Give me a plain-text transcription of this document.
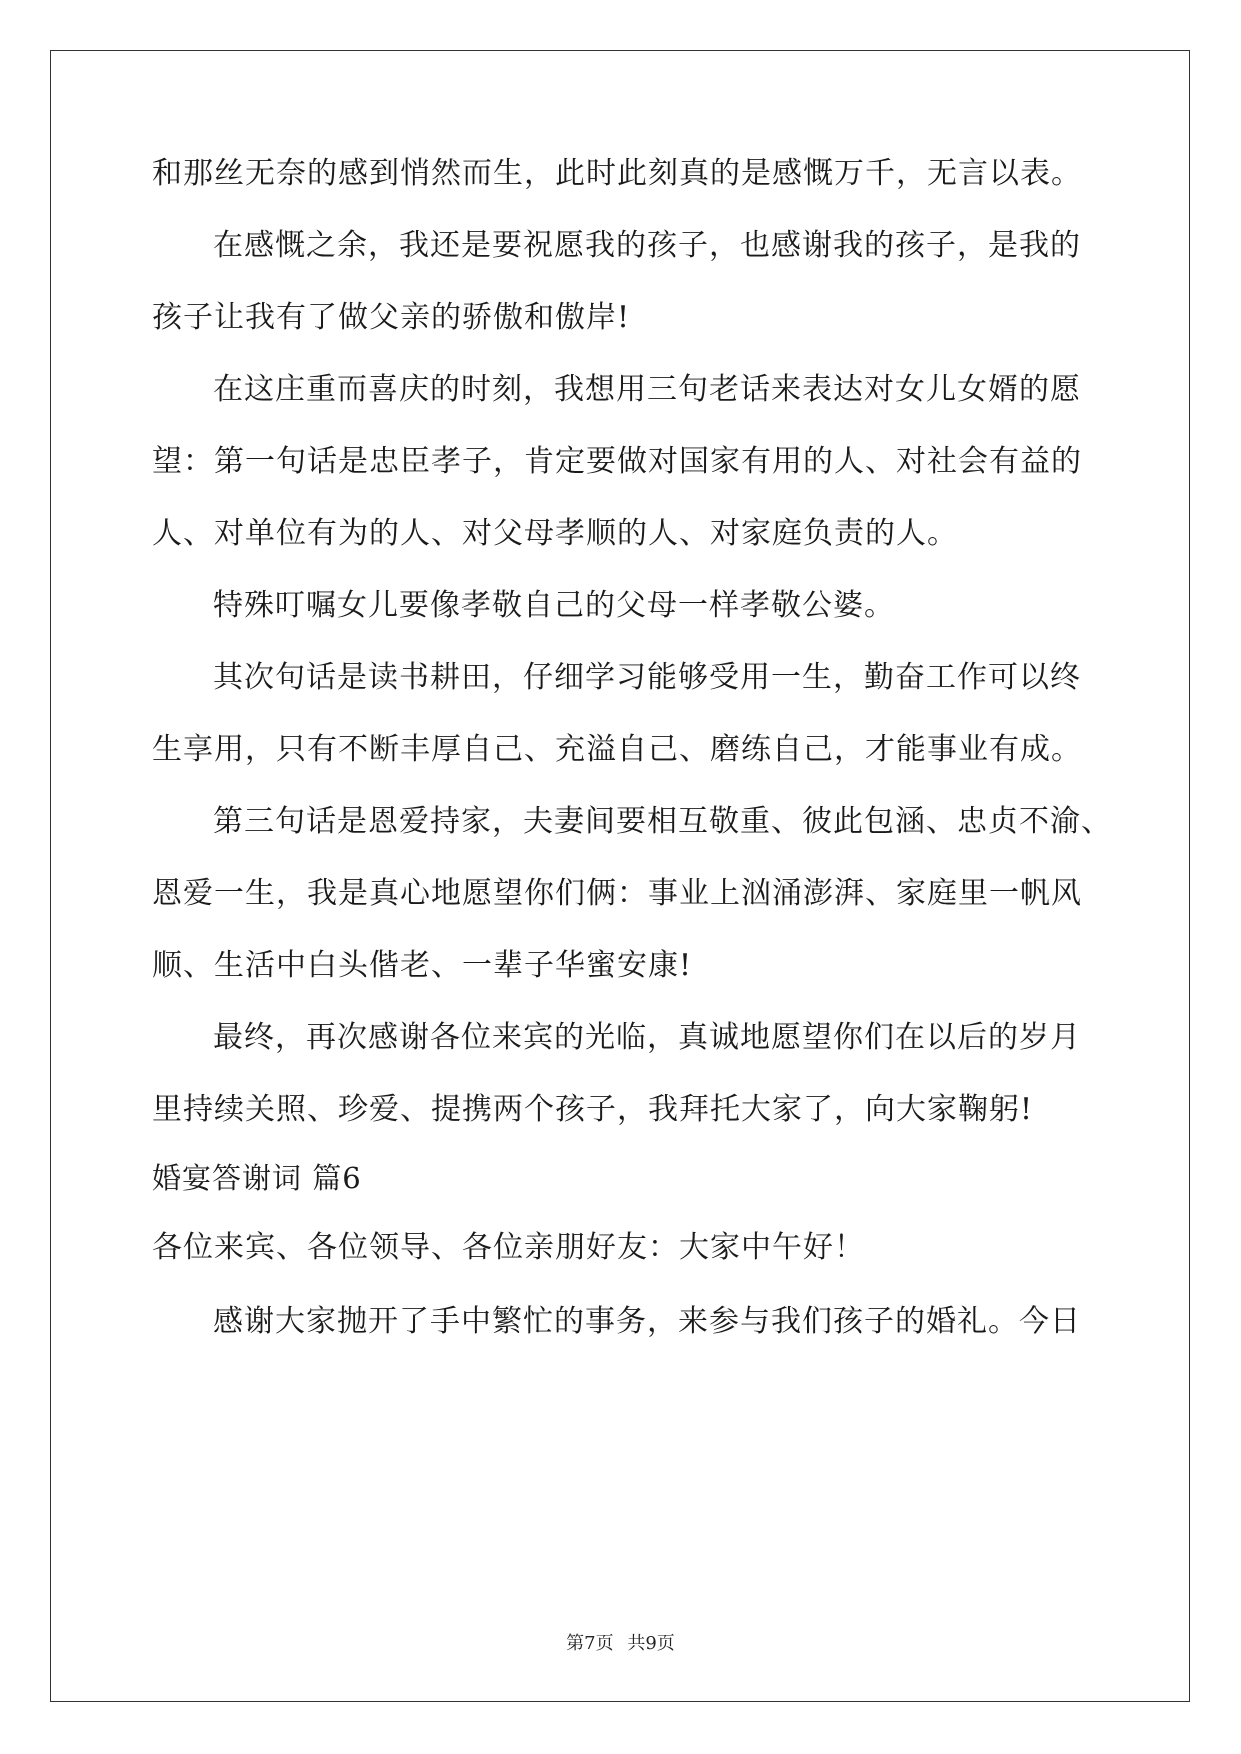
和那丝无奈的感到悄然而生，此时此刻真的是感慨万千，无言以表。
在感慨之余，我还是要祝愿我的孩子，也感谢我的孩子，是我的
孩子让我有了做父亲的骄傲和傲岸!
在这庄重而喜庆的时刻，我想用三句老话来表达对女儿女婿的愿
望：第一句话是忠臣孝子，肯定要做对国家有用的人、对社会有益的
人、对单位有为的人、对父母孝顺的人、对家庭负责的人。
特殊叮嘱女儿要像孝敬自己的父母一样孝敬公婆。
其次句话是读书耕田，仔细学习能够受用一生，勤奋工作可以终
生享用，只有不断丰厚自己、充溢自己、磨练自己，才能事业有成。
第三句话是恩爱持家，夫妻间要相互敬重、彼此包涵、忠贞不渝、
恩爱一生，我是真心地愿望你们俩：事业上汹涌澎湃、家庭里一帆风
顺、生活中白头偕老、一辈子华蜜安康!
最终，再次感谢各位来宾的光临，真诚地愿望你们在以后的岁月
里持续关照、珍爱、提携两个孩子，我拜托大家了，向大家鞠躬!
婚宴答谢词 篇6
各位来宾、各位领导、各位亲朋好友：大家中午好！
感谢大家抛开了手中繁忙的事务，来参与我们孩子的婚礼。今日
第7页 共9页
